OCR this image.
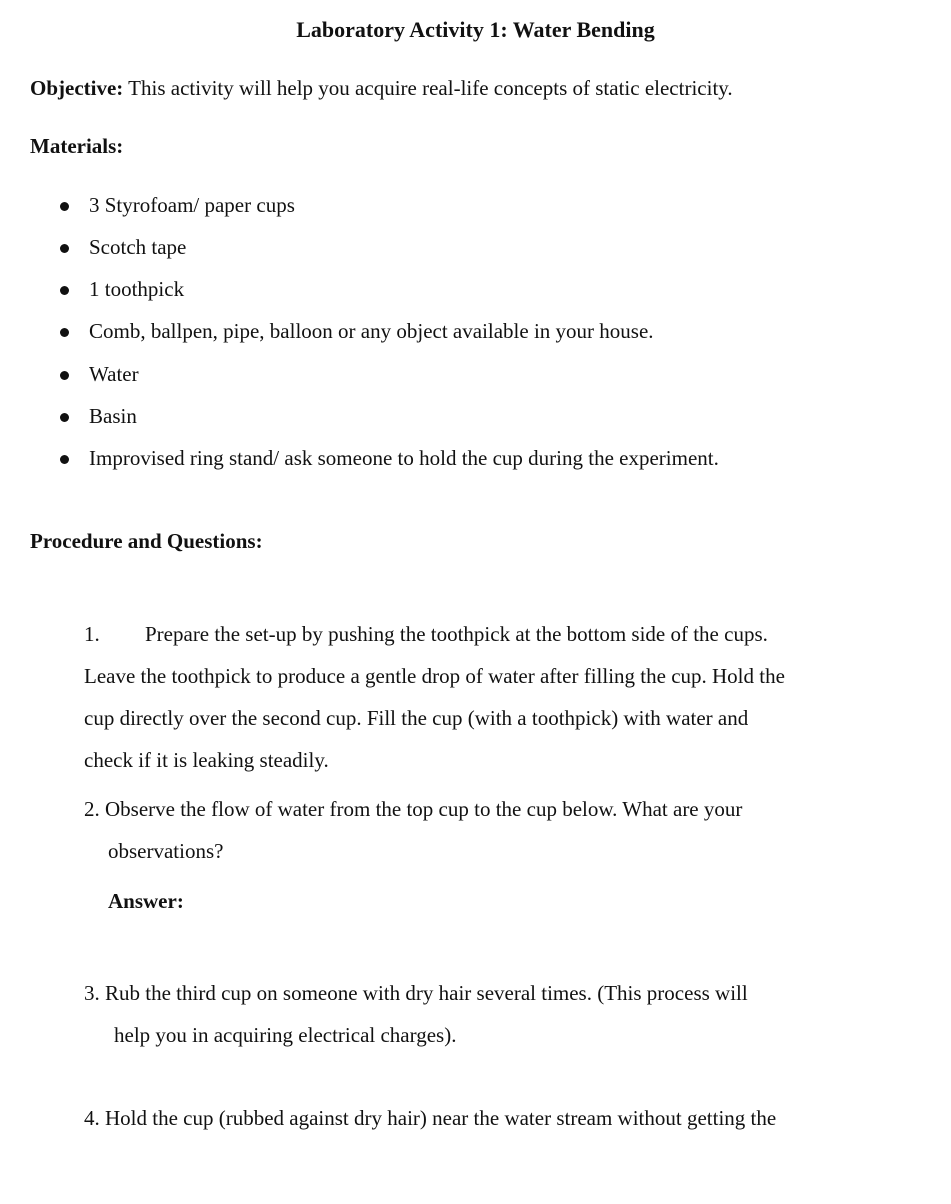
Laboratory Activity 1: Water Bending
Objective: This activity will help you acquire real-life concepts of static electricity.
Materials:
3 Styrofoam/ paper cups
Scotch tape
1 toothpick
Comb, ballpen, pipe, balloon or any object available in your house.
Water
Basin
Improvised ring stand/ ask someone to hold the cup during the experiment.
Procedure and Questions:
1. Prepare the set-up by pushing the toothpick at the bottom side of the cups.
Leave the toothpick to produce a gentle drop of water after filling the cup. Hold the
cup directly over the second cup. Fill the cup (with a toothpick) with water and
check if it is leaking steadily.
2. Observe the flow of water from the top cup to the cup below. What are your
observations?
Answer:
3. Rub the third cup on someone with dry hair several times. (This process will
help you in acquiring electrical charges).
4. Hold the cup (rubbed against dry hair) near the water stream without getting the
